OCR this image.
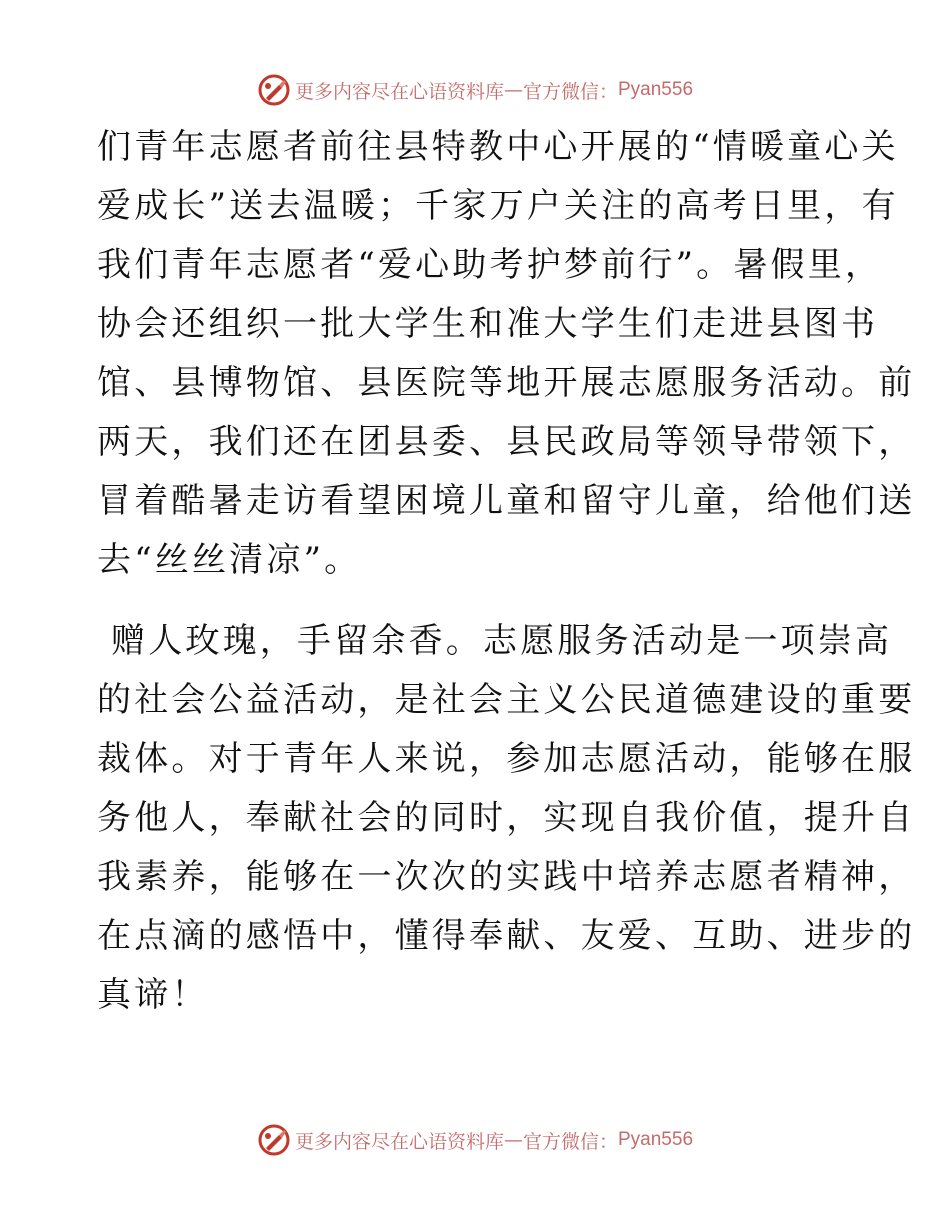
更多内容尽在心语资料库 — 官方微信： Pyan556

们青年志愿者前往县特教中心开展的“情暖童心关
爱成长”送去温暖；千家万户关注的高考日里，有
我们青年志愿者“爱心助考护梦前行”。暑假里，
协会还组织一批大学生和准大学生们走进县图书
馆、县博物馆、县医院等地开展志愿服务活动。前
两天，我们还在团县委、县民政局等领导带领下，
冒着酷暑走访看望困境儿童和留守儿童，给他们送
去“丝丝清凉”。

赠人玫瑰，手留余香。志愿服务活动是一项崇高
的社会公益活动，是社会主义公民道德建设的重要
裁体。对于青年人来说，参加志愿活动，能够在服
务他人，奉献社会的同时，实现自我价值，提升自
我素养，能够在一次次的实践中培养志愿者精神，
在点滴的感悟中，懂得奉献、友爱、互助、进步的
真谛！

更多内容尽在心语资料库 — 官方微信： Pyan556
